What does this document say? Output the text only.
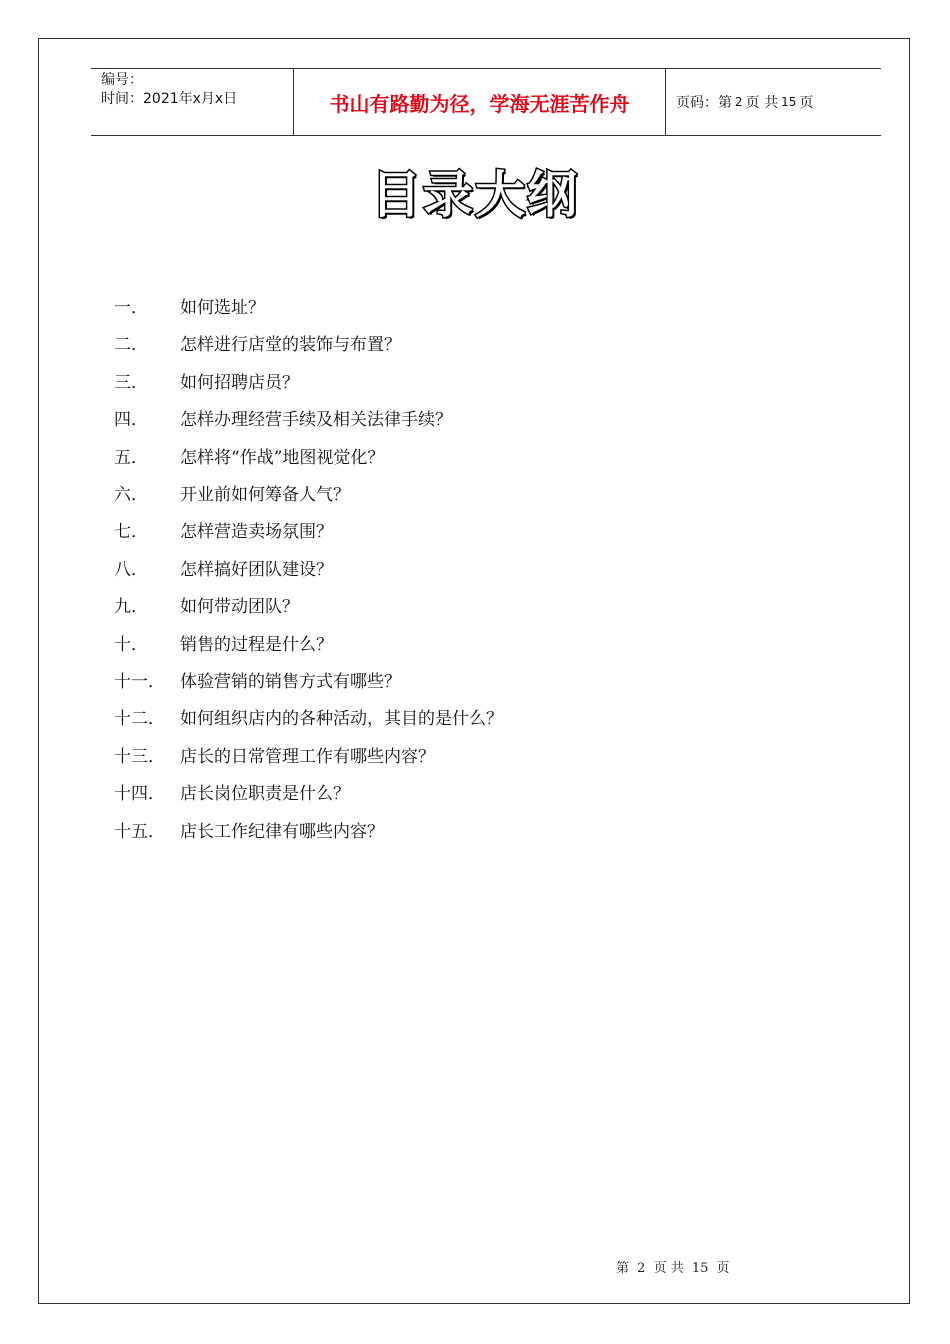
编号：
时间：2021年x月x日	书山有路勤为径，学海无涯苦作舟	页码：第 2 页 共 15 页
目录大纲
一．	如何选址？
二．	怎样进行店堂的装饰与布置？
三．	如何招聘店员？
四．	怎样办理经营手续及相关法律手续？
五．	怎样将“作战”地图视觉化？
六．	开业前如何筹备人气？
七．	怎样营造卖场氛围？
八．	怎样搞好团队建设？
九．	如何带动团队？
十．	销售的过程是什么？
十一． 体验营销的销售方式有哪些？
十二． 如何组织店内的各种活动，其目的是什么？
十三． 店长的日常管理工作有哪些内容？
十四． 店长岗位职责是什么？
十五． 店长工作纪律有哪些内容？
第 2 页 共 15 页
